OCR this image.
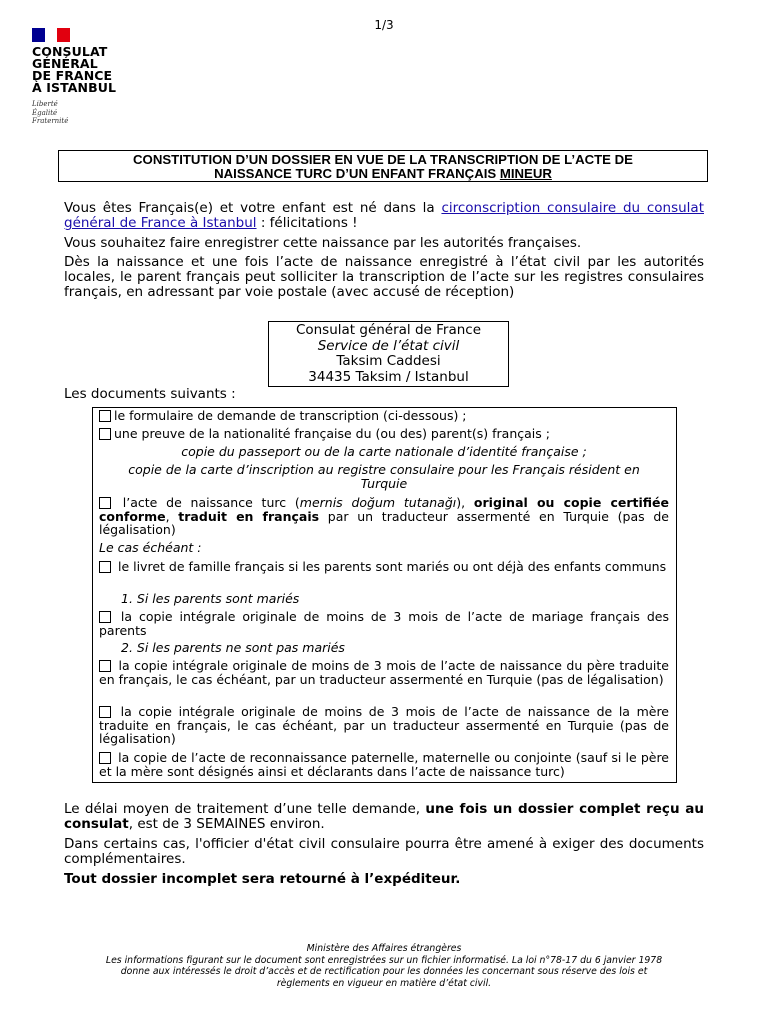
1/3
CONSULAT
GÉNÉRAL
DE FRANCE
À ISTANBUL
Liberté
Égalité
Fraternité
CONSTITUTION D’UN DOSSIER EN VUE DE LA TRANSCRIPTION DE L’ACTE DE
NAISSANCE TURC D’UN ENFANT FRANÇAIS MINEUR
Vous êtes Français(e) et votre enfant est né dans la circonscription consulaire du consulat général de France à Istanbul : félicitations !
Vous souhaitez faire enregistrer cette naissance par les autorités françaises.
Dès la naissance et une fois l’acte de naissance enregistré à l’état civil par les autorités locales, le parent français peut solliciter la transcription de l’acte sur les registres consulaires français, en adressant par voie postale (avec accusé de réception)
Consulat général de France
Service de l’état civil
Taksim Caddesi
34435 Taksim / Istanbul
Les documents suivants :
le formulaire de demande de transcription (ci-dessous) ;
une preuve de la nationalité française du (ou des) parent(s) français ;
copie du passeport ou de la carte nationale d’identité française ;
copie de la carte d’inscription au registre consulaire pour les Français résident en Turquie
l’acte de naissance turc (mernis doğum tutanağı), original ou copie certifiée conforme, traduit en français par un traducteur assermenté en Turquie (pas de légalisation)
Le cas échéant :
le livret de famille français si les parents sont mariés ou ont déjà des enfants communs
1. Si les parents sont mariés
la copie intégrale originale de moins de 3 mois de l’acte de mariage français des parents
2. Si les parents ne sont pas mariés
la copie intégrale originale de moins de 3 mois de l’acte de naissance du père traduite en français, le cas échéant, par un traducteur assermenté en Turquie (pas de légalisation)
la copie intégrale originale de moins de 3 mois de l’acte de naissance de la mère traduite en français, le cas échéant, par un traducteur assermenté en Turquie (pas de légalisation)
la copie de l’acte de reconnaissance paternelle, maternelle ou conjointe (sauf si le père et la mère sont désignés ainsi et déclarants dans l’acte de naissance turc)
Le délai moyen de traitement d’une telle demande, une fois un dossier complet reçu au consulat, est de 3 SEMAINES environ.
Dans certains cas, l'officier d'état civil consulaire pourra être amené à exiger des documents complémentaires.
Tout dossier incomplet sera retourné à l’expéditeur.
Ministère des Affaires étrangères
Les informations figurant sur le document sont enregistrées sur un fichier informatisé. La loi n°78-17 du 6 janvier 1978 donne aux intéressés le droit d’accès et de rectification pour les données les concernant sous réserve des lois et règlements en vigueur en matière d’état civil.
